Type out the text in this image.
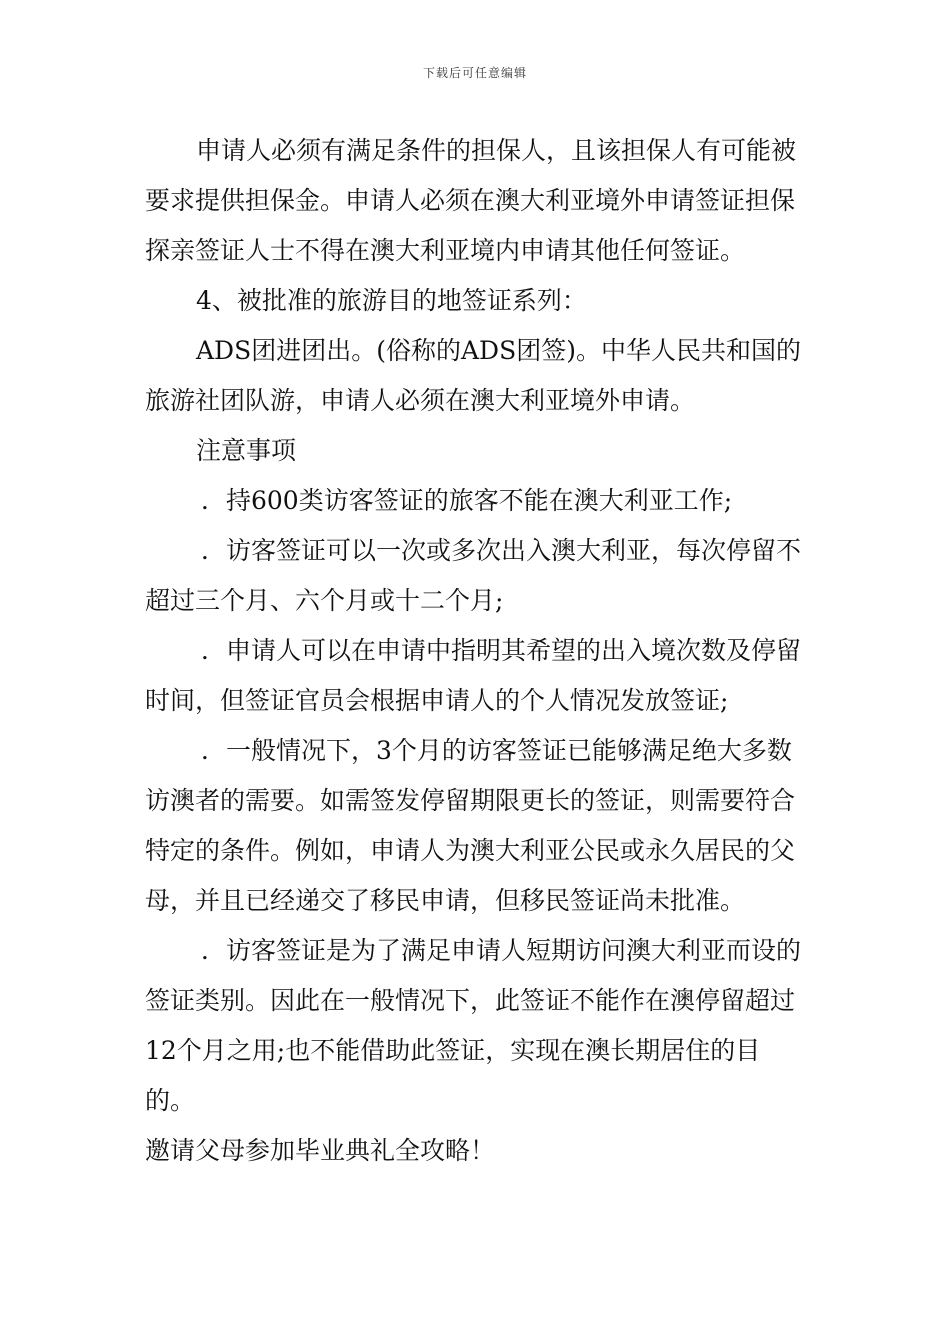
下载后可任意编辑

申请人必须有满足条件的担保人，且该担保人有可能被要求提供担保金。申请人必须在澳大利亚境外申请签证担保探亲签证人士不得在澳大利亚境内申请其他任何签证。

4、被批准的旅游目的地签证系列：

ADS团进团出。(俗称的ADS团签)。中华人民共和国的旅游社团队游，申请人必须在澳大利亚境外申请。

注意事项

．持600类访客签证的旅客不能在澳大利亚工作;

．访客签证可以一次或多次出入澳大利亚，每次停留不超过三个月、六个月或十二个月;

．申请人可以在申请中指明其希望的出入境次数及停留时间，但签证官员会根据申请人的个人情况发放签证;

．一般情况下，3个月的访客签证已能够满足绝大多数访澳者的需要。如需签发停留期限更长的签证，则需要符合特定的条件。例如，申请人为澳大利亚公民或永久居民的父母，并且已经递交了移民申请，但移民签证尚未批准。

．访客签证是为了满足申请人短期访问澳大利亚而设的签证类别。因此在一般情况下，此签证不能作在澳停留超过12个月之用;也不能借助此签证，实现在澳长期居住的目的。

邀请父母参加毕业典礼全攻略！
